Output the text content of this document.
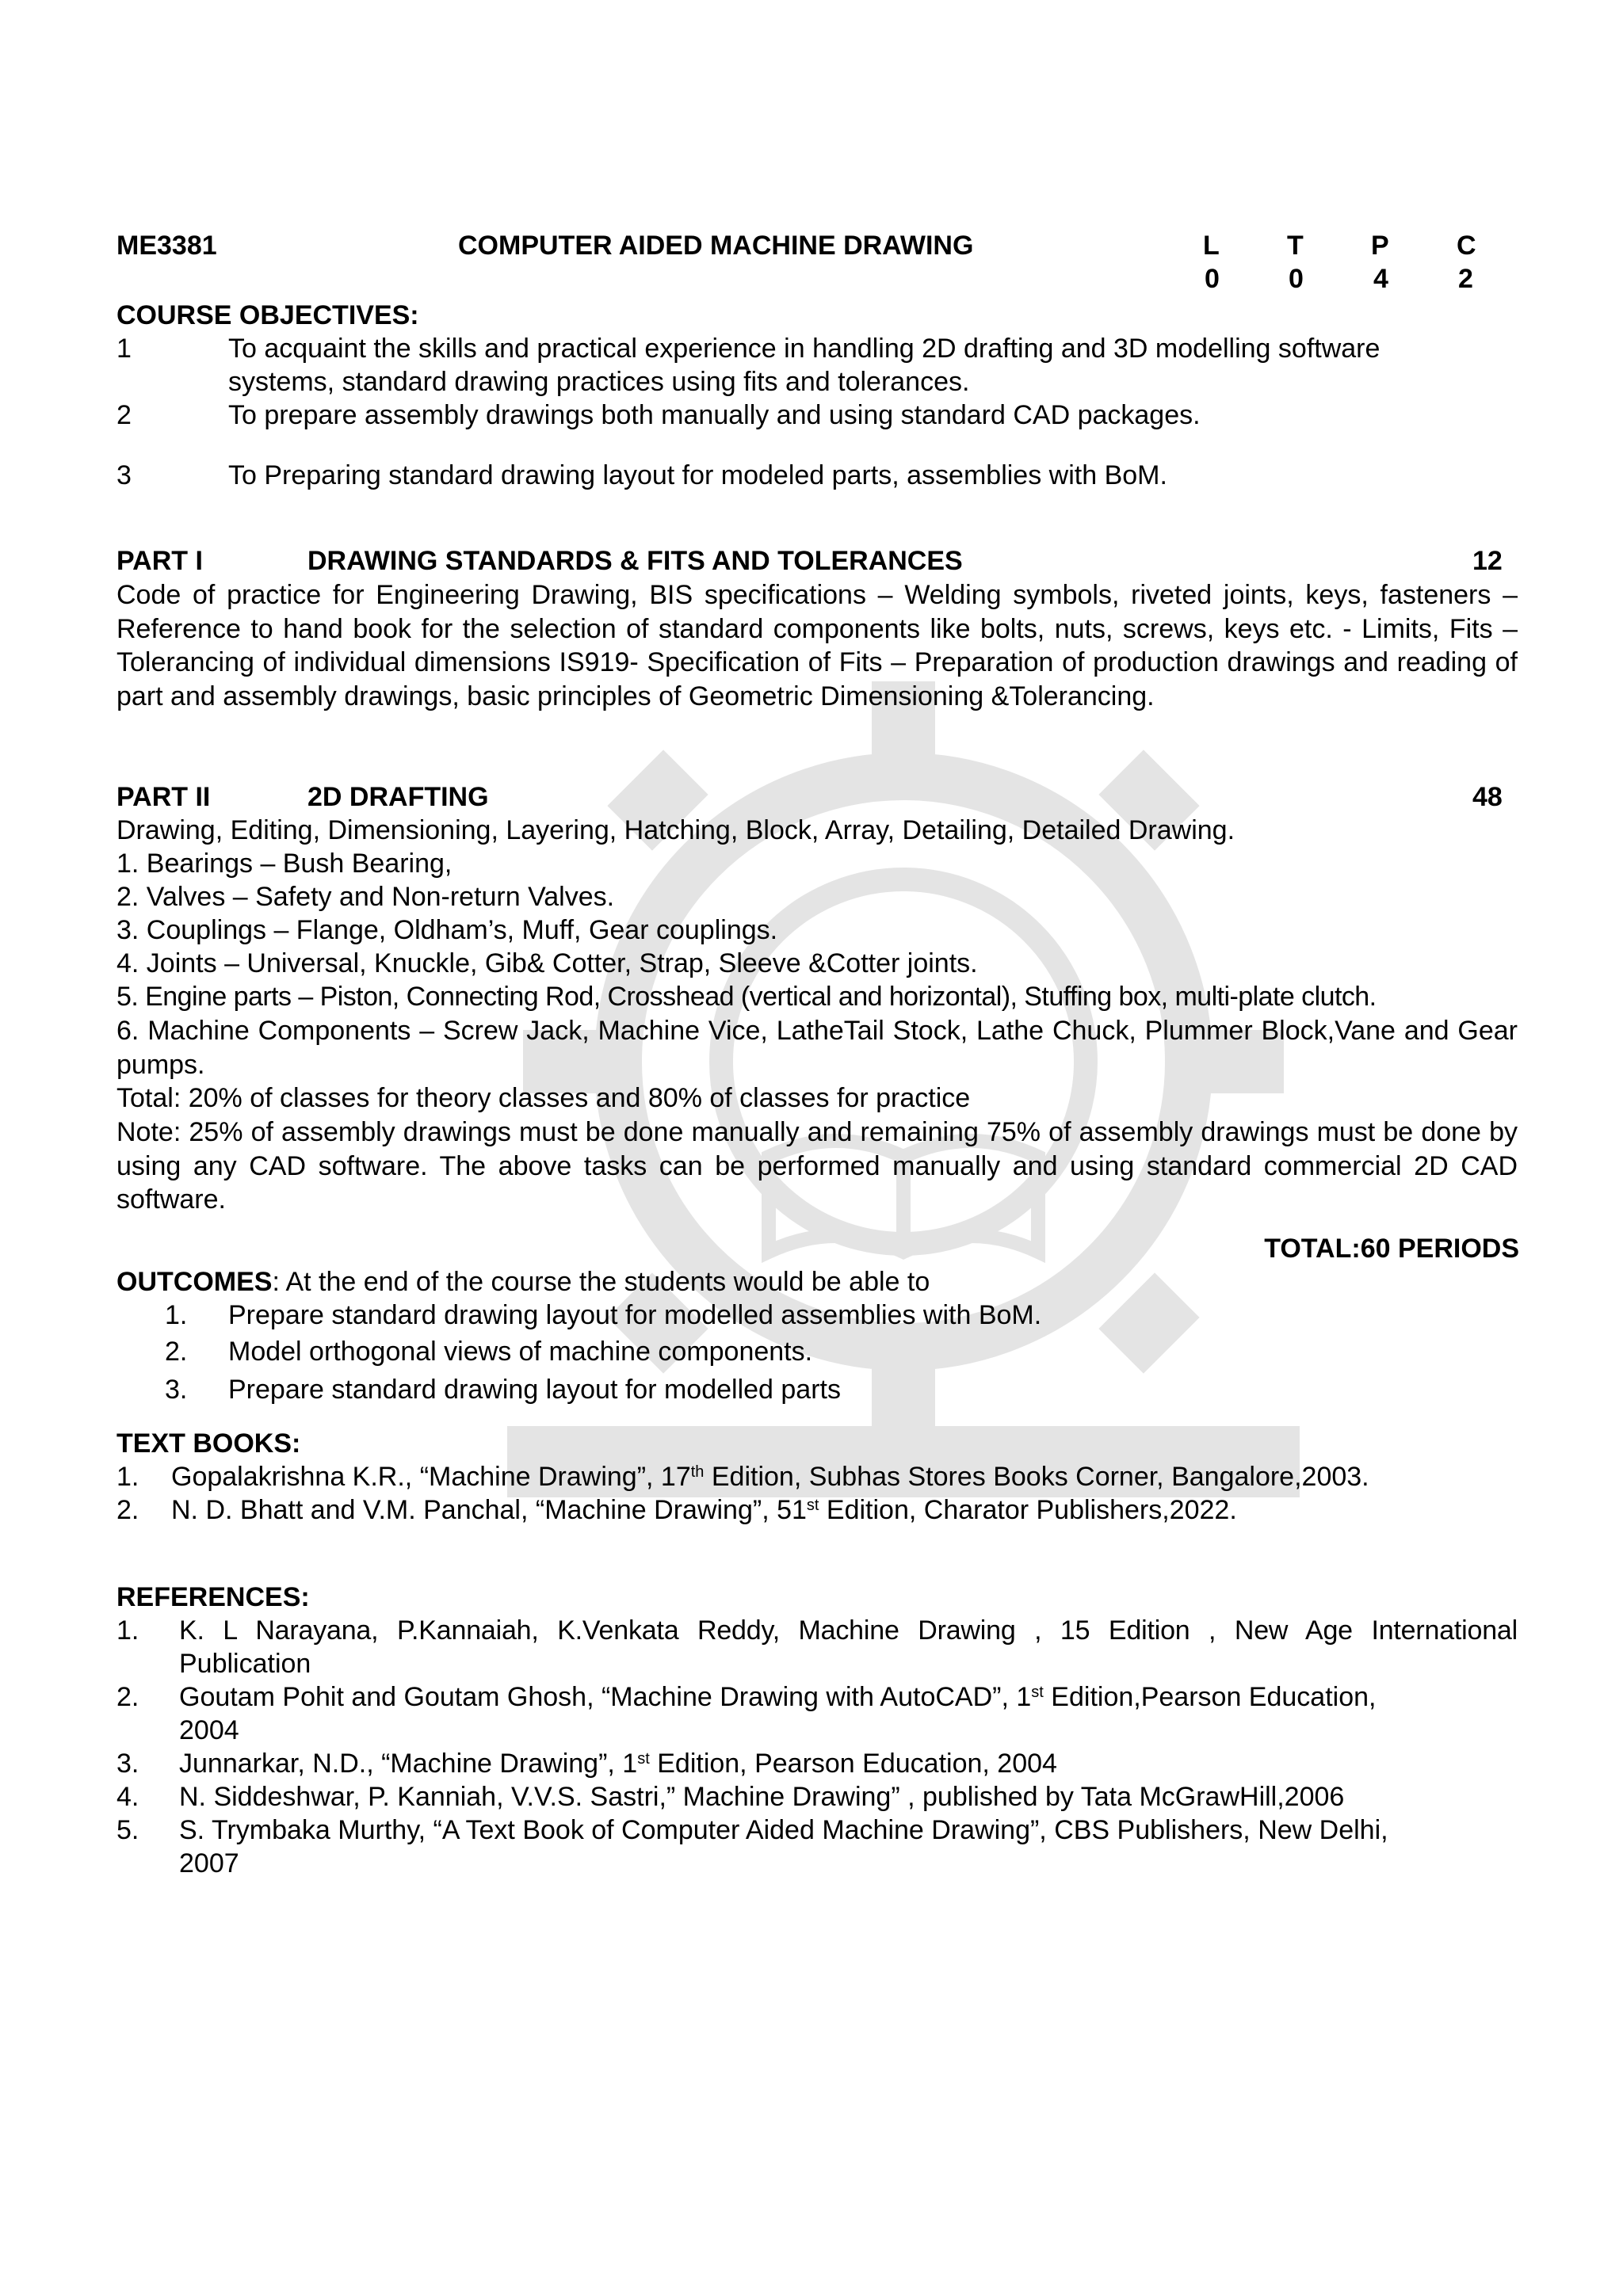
ME3381	COMPUTER AIDED MACHINE DRAWING	L	T	P	C
0	0	4	2
COURSE OBJECTIVES:
1	To acquaint the skills and practical experience in handling 2D drafting and 3D modelling software
systems, standard drawing practices using fits and tolerances.
2	To prepare assembly drawings both manually and using standard CAD packages.
3	To Preparing standard drawing layout for modeled parts, assemblies with BoM.
PART I	DRAWING STANDARDS & FITS AND TOLERANCES	12
Code of practice for Engineering Drawing, BIS specifications – Welding symbols, riveted joints, keys, fasteners – Reference to hand book for the selection of standard components like bolts, nuts, screws, keys etc. - Limits, Fits – Tolerancing of individual dimensions IS919- Specification of Fits – Preparation of production drawings and reading of part and assembly drawings, basic principles of Geometric Dimensioning &Tolerancing.
PART II	2D DRAFTING	48
Drawing, Editing, Dimensioning, Layering, Hatching, Block, Array, Detailing, Detailed Drawing.
1. Bearings – Bush Bearing,
2. Valves – Safety and Non-return Valves.
3. Couplings – Flange, Oldham’s, Muff, Gear couplings.
4. Joints – Universal, Knuckle, Gib& Cotter, Strap, Sleeve &Cotter joints.
5. Engine parts – Piston, Connecting Rod, Crosshead (vertical and horizontal), Stuffing box, multi-plate clutch.
6. Machine Components – Screw Jack, Machine Vice, LatheTail Stock, Lathe Chuck, Plummer Block,Vane and Gear pumps.
Total: 20% of classes for theory classes and 80% of classes for practice
Note: 25% of assembly drawings must be done manually and remaining 75% of assembly drawings must be done by using any CAD software. The above tasks can be performed manually and using standard commercial 2D CAD software.
TOTAL:60 PERIODS
OUTCOMES: At the end of the course the students would be able to
1. Prepare standard drawing layout for modelled assemblies with BoM.
2. Model orthogonal views of machine components.
3. Prepare standard drawing layout for modelled parts
TEXT BOOKS:
1. Gopalakrishna K.R., “Machine Drawing”, 17th Edition, Subhas Stores Books Corner, Bangalore,2003.
2. N. D. Bhatt and V.M. Panchal, “Machine Drawing”, 51st Edition, Charator Publishers,2022.
REFERENCES:
1. K. L Narayana, P.Kannaiah, K.Venkata Reddy, Machine Drawing , 15 Edition , New Age International
Publication
2. Goutam Pohit and Goutam Ghosh, “Machine Drawing with AutoCAD”, 1st Edition,Pearson Education,
2004
3. Junnarkar, N.D., “Machine Drawing”, 1st Edition, Pearson Education, 2004
4. N. Siddeshwar, P. Kanniah, V.V.S. Sastri,” Machine Drawing” , published by Tata McGrawHill,2006
5. S. Trymbaka Murthy, “A Text Book of Computer Aided Machine Drawing”, CBS Publishers, New Delhi,
2007
